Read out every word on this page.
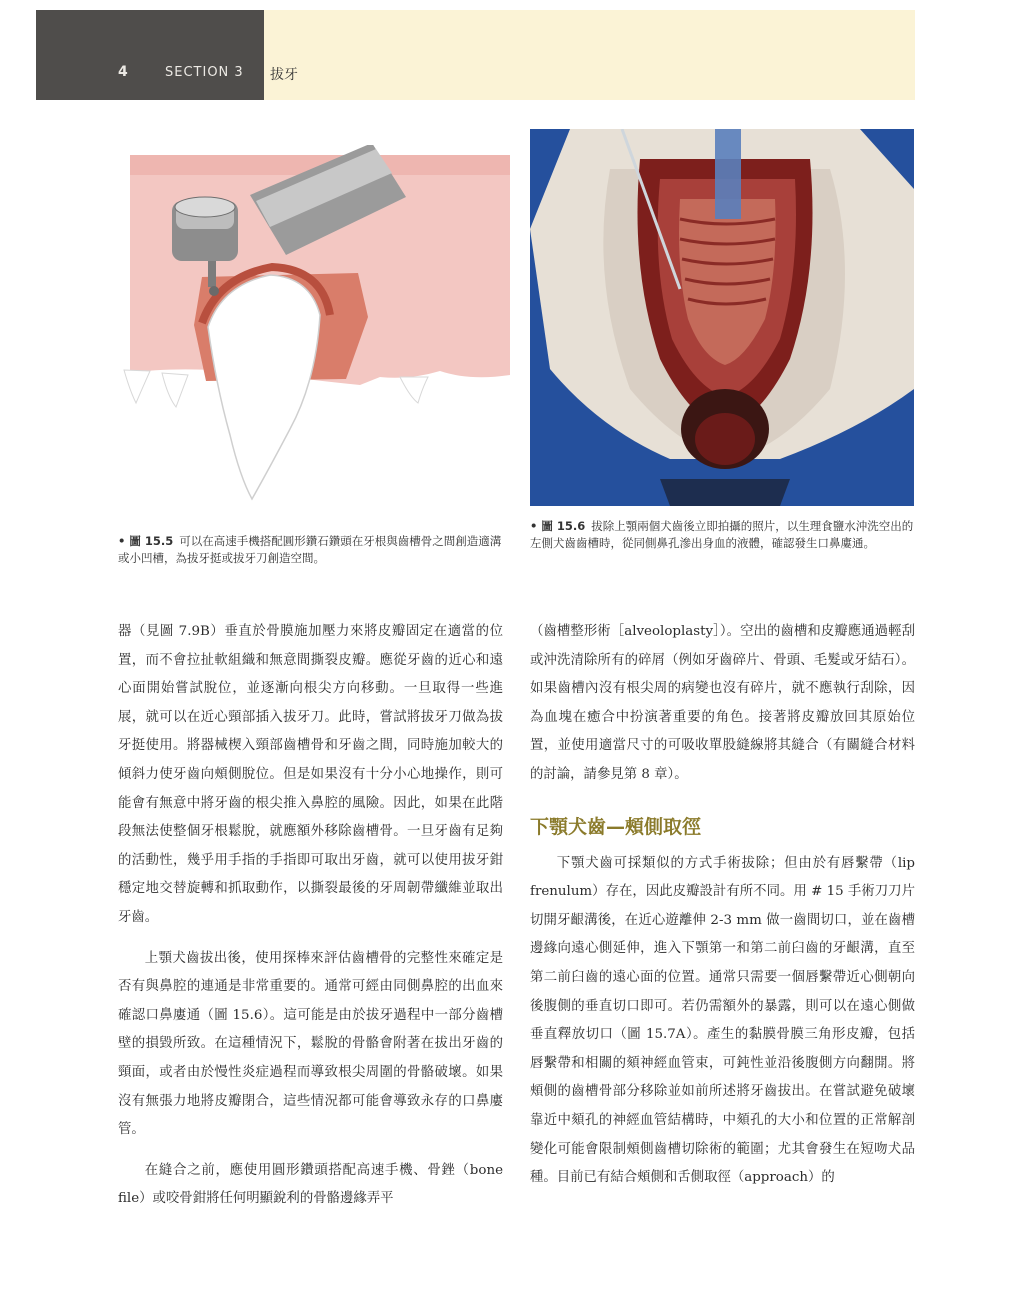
4	SECTION 3 拔牙
• 圖 15.5 可以在高速手機搭配圓形鑽石鑽頭在牙根與齒槽骨之間創造適溝或小凹槽，為拔牙挺或拔牙刀創造空間。
• 圖 15.6 拔除上顎兩個犬齒後立即拍攝的照片，以生理食鹽水沖洗空出的左側犬齒齒槽時，從同側鼻孔滲出身血的液體，確認發生口鼻廔通。

器（見圖 7.9B）垂直於骨膜施加壓力來將皮瓣固定在適當的位置，而不會拉扯軟組織和無意間撕裂皮瓣。應從牙齒的近心和遠心面開始嘗試脫位，並逐漸向根尖方向移動。一旦取得一些進展，就可以在近心頸部插入拔牙刀。此時，嘗試將拔牙刀做為拔牙挺使用。將器械楔入頸部齒槽骨和牙齒之間，同時施加較大的傾斜力使牙齒向頰側脫位。但是如果沒有十分小心地操作，則可能會有無意中將牙齒的根尖推入鼻腔的風險。因此，如果在此階段無法使整個牙根鬆脫，就應額外移除齒槽骨。一旦牙齒有足夠的活動性，幾乎用手指的手指即可取出牙齒，就可以使用拔牙鉗穩定地交替旋轉和抓取動作，以撕裂最後的牙周韌帶纖維並取出牙齒。

上顎犬齒拔出後，使用探棒來評估齒槽骨的完整性來確定是否有與鼻腔的連通是非常重要的。通常可經由同側鼻腔的出血來確認口鼻廔通（圖 15.6）。這可能是由於拔牙過程中一部分齒槽壁的損毀所致。在這種情況下，鬆脫的骨骼會附著在拔出牙齒的頸面，或者由於慢性炎症過程而導致根尖周圍的骨骼破壞。如果沒有無張力地將皮瓣閉合，這些情況都可能會導致永存的口鼻廔管。

在縫合之前，應使用圓形鑽頭搭配高速手機、骨銼（bone file）或咬骨鉗將任何明顯銳利的骨骼邊緣弄平

（齒槽整形術［alveoloplasty］）。空出的齒槽和皮瓣應通過輕刮或沖洗清除所有的碎屑（例如牙齒碎片、骨頭、毛髮或牙結石）。如果齒槽內沒有根尖周的病變也沒有碎片，就不應執行刮除，因為血塊在癒合中扮演著重要的角色。接著將皮瓣放回其原始位置，並使用適當尺寸的可吸收單股縫線將其縫合（有關縫合材料的討論，請參見第 8 章）。

下顎犬齒—頰側取徑

下顎犬齒可採類似的方式手術拔除；但由於有唇繫帶（lip frenulum）存在，因此皮瓣設計有所不同。用 # 15 手術刀刀片切開牙齦溝後，在近心遊離伸 2-3 mm 做一齒間切口，並在齒槽邊緣向遠心側延伸，進入下顎第一和第二前臼齒的牙齦溝，直至第二前臼齒的遠心面的位置。通常只需要一個唇繫帶近心側朝向後腹側的垂直切口即可。若仍需額外的暴露，則可以在遠心側做垂直釋放切口（圖 15.7A）。產生的黏膜骨膜三角形皮瓣，包括唇繫帶和相關的頦神經血管束，可鈍性並沿後腹側方向翻開。將頰側的齒槽骨部分移除並如前所述將牙齒拔出。在嘗試避免破壞靠近中頦孔的神經血管結構時，中頦孔的大小和位置的正常解剖變化可能會限制頰側齒槽切除術的範圍；尤其會發生在短吻犬品種。目前已有結合頰側和舌側取徑（approach）的
